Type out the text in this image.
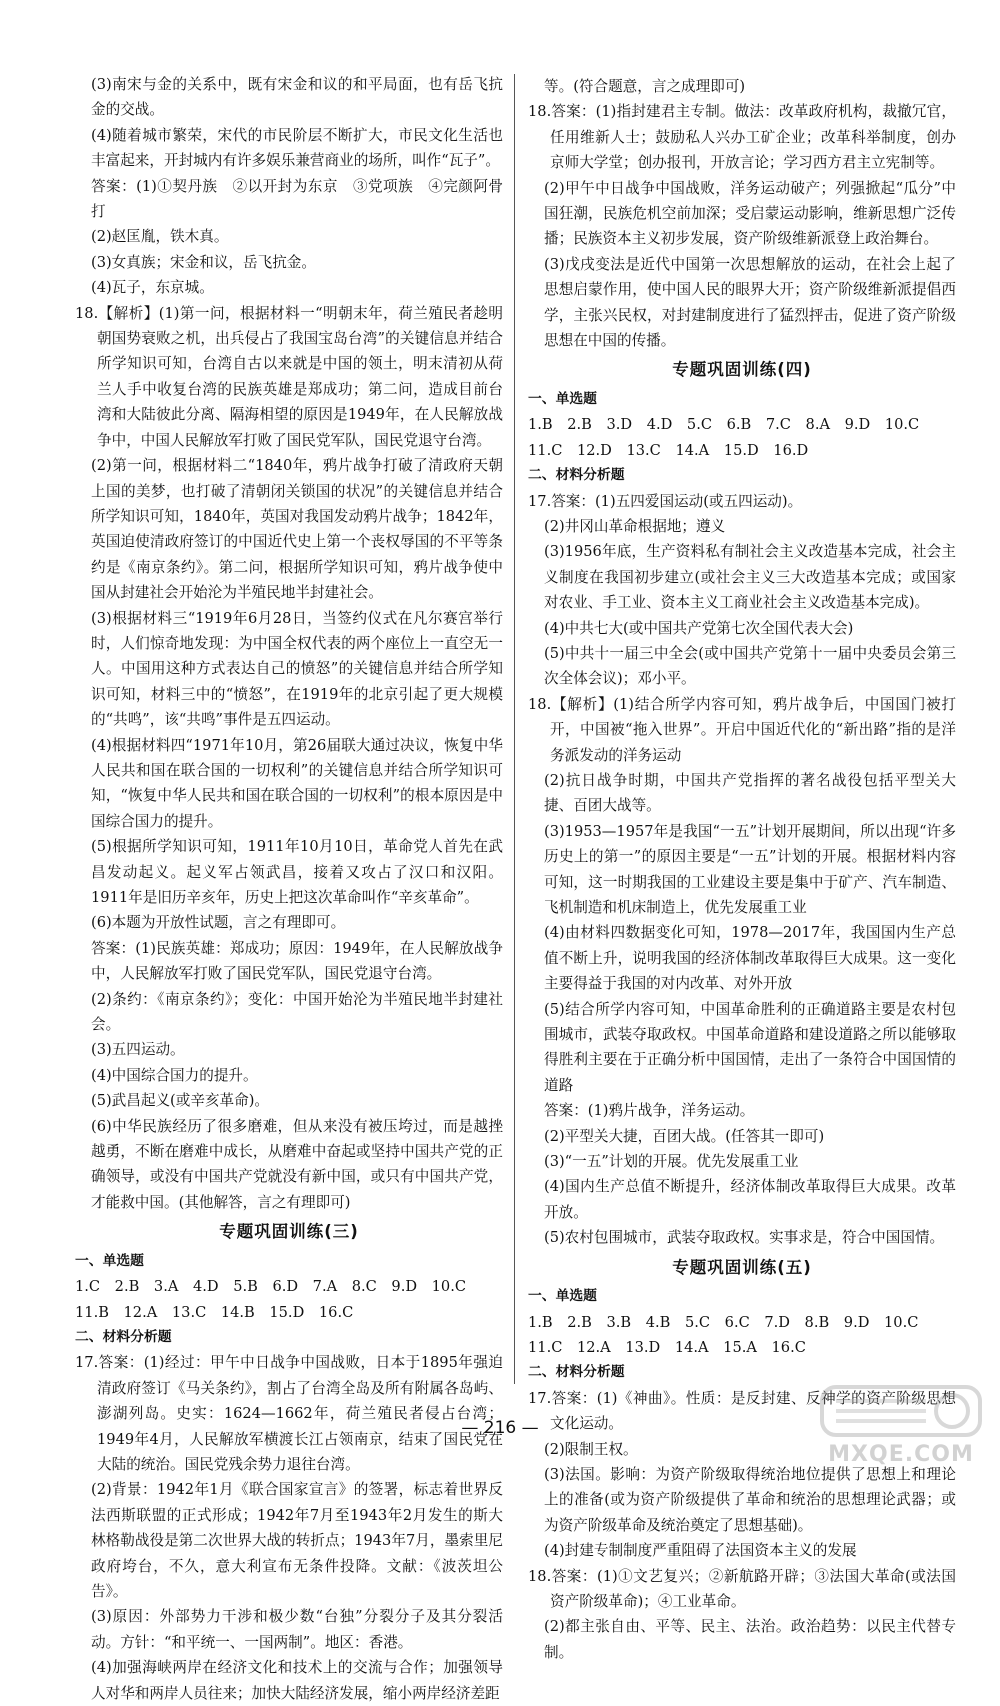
(3)南宋与金的关系中，既有宋金和议的和平局面，也有岳飞抗金的交战。
(4)随着城市繁荣，宋代的市民阶层不断扩大，市民文化生活也丰富起来，开封城内有许多娱乐兼营商业的场所，叫作“瓦子”。
答案：(1)①契丹族　②以开封为东京　③党项族　④完颜阿骨打
(2)赵匡胤，铁木真。
(3)女真族；宋金和议，岳飞抗金。
(4)瓦子，东京城。
18.【解析】(1)第一问，根据材料一“明朝末年，荷兰殖民者趁明朝国势衰败之机，出兵侵占了我国宝岛台湾”的关键信息并结合所学知识可知，台湾自古以来就是中国的领土，明末清初从荷兰人手中收复台湾的民族英雄是郑成功；第二问，造成目前台湾和大陆彼此分离、隔海相望的原因是1949年，在人民解放战争中，中国人民解放军打败了国民党军队，国民党退守台湾。
(2)第一问，根据材料二“1840年，鸦片战争打破了清政府天朝上国的美梦，也打破了清朝闭关锁国的状况”的关键信息并结合所学知识可知，1840年，英国对我国发动鸦片战争；1842年，英国迫使清政府签订的中国近代史上第一个丧权辱国的不平等条约是《南京条约》。第二问，根据所学知识可知，鸦片战争使中国从封建社会开始沦为半殖民地半封建社会。
(3)根据材料三“1919年6月28日，当签约仪式在凡尔赛宫举行时，人们惊奇地发现：为中国全权代表的两个座位上一直空无一人。中国用这种方式表达自己的愤怒”的关键信息并结合所学知识可知，材料三中的“愤怒”，在1919年的北京引起了更大规模的“共鸣”，该“共鸣”事件是五四运动。
(4)根据材料四“1971年10月，第26届联大通过决议，恢复中华人民共和国在联合国的一切权利”的关键信息并结合所学知识可知，“恢复中华人民共和国在联合国的一切权利”的根本原因是中国综合国力的提升。
(5)根据所学知识可知，1911年10月10日，革命党人首先在武昌发动起义。起义军占领武昌，接着又攻占了汉口和汉阳。1911年是旧历辛亥年，历史上把这次革命叫作“辛亥革命”。
(6)本题为开放性试题，言之有理即可。
答案：(1)民族英雄：郑成功；原因：1949年，在人民解放战争中，人民解放军打败了国民党军队，国民党退守台湾。
(2)条约：《南京条约》；变化：中国开始沦为半殖民地半封建社会。
(3)五四运动。
(4)中国综合国力的提升。
(5)武昌起义(或辛亥革命)。
(6)中华民族经历了很多磨难，但从来没有被压垮过，而是越挫越勇，不断在磨难中成长，从磨难中奋起或坚持中国共产党的正确领导，或没有中国共产党就没有新中国，或只有中国共产党，才能救中国。(其他解答，言之有理即可)
专题巩固训练(三)
一、单选题
1.C　2.B　3.A　4.D　5.B　6.D　7.A　8.C　9.D　10.C
11.B　12.A　13.C　14.B　15.D　16.C
二、材料分析题
17.答案：(1)经过：甲午中日战争中国战败，日本于1895年强迫清政府签订《马关条约》，割占了台湾全岛及所有附属各岛屿、澎湖列岛。史实：1624—1662年，荷兰殖民者侵占台湾；1949年4月，人民解放军横渡长江占领南京，结束了国民党在大陆的统治。国民党残余势力退往台湾。
(2)背景：1942年1月《联合国家宣言》的签署，标志着世界反法西斯联盟的正式形成；1942年7月至1943年2月发生的斯大林格勒战役是第二次世界大战的转折点；1943年7月，墨索里尼政府垮台，不久，意大利宣布无条件投降。文献：《波茨坦公告》。
(3)原因：外部势力干涉和极少数“台独”分裂分子及其分裂活动。方针：“和平统一、一国两制”。地区：香港。
(4)加强海峡两岸在经济文化和技术上的交流与合作；加强领导人对华和两岸人员往来；加快大陆经济发展，缩小两岸经济差距
等。(符合题意，言之成理即可)
18.答案：(1)指封建君主专制。做法：改革政府机构，裁撤冗官，任用维新人士；鼓励私人兴办工矿企业；改革科举制度，创办京师大学堂；创办报刊，开放言论；学习西方君主立宪制等。
(2)甲午中日战争中国战败，洋务运动破产；列强掀起“瓜分”中国狂潮，民族危机空前加深；受启蒙运动影响，维新思想广泛传播；民族资本主义初步发展，资产阶级维新派登上政治舞台。
(3)戊戌变法是近代中国第一次思想解放的运动，在社会上起了思想启蒙作用，使中国人民的眼界大开；资产阶级维新派提倡西学，主张兴民权，对封建制度进行了猛烈抨击，促进了资产阶级思想在中国的传播。
专题巩固训练(四)
一、单选题
1.B　2.B　3.D　4.D　5.C　6.B　7.C　8.A　9.D　10.C
11.C　12.D　13.C　14.A　15.D　16.D
二、材料分析题
17.答案：(1)五四爱国运动(或五四运动)。
(2)井冈山革命根据地；遵义
(3)1956年底，生产资料私有制社会主义改造基本完成，社会主义制度在我国初步建立(或社会主义三大改造基本完成；或国家对农业、手工业、资本主义工商业社会主义改造基本完成)。
(4)中共七大(或中国共产党第七次全国代表大会)
(5)中共十一届三中全会(或中国共产党第十一届中央委员会第三次全体会议)；邓小平。
18.【解析】(1)结合所学内容可知，鸦片战争后，中国国门被打开，中国被“拖入世界”。开启中国近代化的“新出路”指的是洋务派发动的洋务运动
(2)抗日战争时期，中国共产党指挥的著名战役包括平型关大捷、百团大战等。
(3)1953—1957年是我国“一五”计划开展期间，所以出现“许多历史上的第一”的原因主要是“一五”计划的开展。根据材料内容可知，这一时期我国的工业建设主要是集中于矿产、汽车制造、飞机制造和机床制造上，优先发展重工业
(4)由材料四数据变化可知，1978—2017年，我国国内生产总值不断上升，说明我国的经济体制改革取得巨大成果。这一变化主要得益于我国的对内改革、对外开放
(5)结合所学内容可知，中国革命胜利的正确道路主要是农村包围城市，武装夺取政权。中国革命道路和建设道路之所以能够取得胜利主要在于正确分析中国国情，走出了一条符合中国国情的道路
答案：(1)鸦片战争，洋务运动。
(2)平型关大捷，百团大战。(任答其一即可)
(3)“一五”计划的开展。优先发展重工业
(4)国内生产总值不断提升，经济体制改革取得巨大成果。改革开放。
(5)农村包围城市，武装夺取政权。实事求是，符合中国国情。
专题巩固训练(五)
一、单选题
1.B　2.B　3.B　4.B　5.C　6.C　7.D　8.B　9.D　10.C
11.C　12.A　13.D　14.A　15.A　16.C
二、材料分析题
17.答案：(1)《神曲》。性质：是反封建、反神学的资产阶级思想文化运动。
(2)限制王权。
(3)法国。影响：为资产阶级取得统治地位提供了思想上和理论上的准备(或为资产阶级提供了革命和统治的思想理论武器；或为资产阶级革命及统治奠定了思想基础)。
(4)封建专制制度严重阻碍了法国资本主义的发展
18.答案：(1)①文艺复兴；②新航路开辟；③法国大革命(或法国资产阶级革命)；④工业革命。
(2)都主张自由、平等、民主、法治。政治趋势：以民主代替专制。
— 216 —
MXQE.COM
